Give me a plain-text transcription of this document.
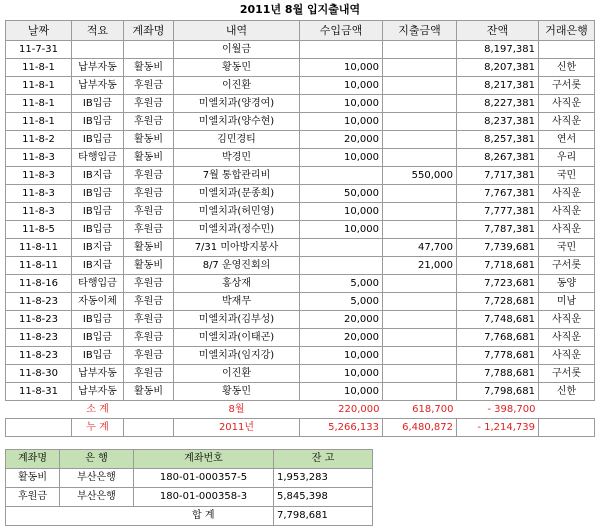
2011년 8월 입지출내역
날짜	적요	계좌명	내역	수입금액	지출금액	잔액	거래은행
11-7-31			이월금			8,197,381	
11-8-1	납부자동	활동비	황동민	10,000		8,207,381	신한
11-8-1	납부자동	후원금	이진환	10,000		8,217,381	구서롯
11-8-1	IB입금	후원금	미엘치과(양경여)	10,000		8,227,381	사직운
11-8-1	IB입금	후원금	미엘치과(양수현)	10,000		8,237,381	사직운
11-8-2	IB입금	활동비	김민경티	20,000		8,257,381	연서
11-8-3	타행입금	활동비	박경민	10,000		8,267,381	우리
11-8-3	IB지급	후원금	7월 통합관리비		550,000	7,717,381	국민
11-8-3	IB입금	후원금	미엘치과(문종희)	50,000		7,767,381	사직운
11-8-3	IB입금	후원금	미엘치과(허민영)	10,000		7,777,381	사직운
11-8-5	IB입금	후원금	미엘치과(정수민)	10,000		7,787,381	사직운
11-8-11	IB지급	활동비	7/31 미아방지봉사		47,700	7,739,681	국민
11-8-11	IB지급	활동비	8/7 운영진회의		21,000	7,718,681	구서롯
11-8-16	타행입금	후원금	홍상재	5,000		7,723,681	동양
11-8-23	자동이체	후원금	박재무	5,000		7,728,681	미남
11-8-23	IB입금	후원금	미엘치과(김부성)	20,000		7,748,681	사직운
11-8-23	IB입금	후원금	미엘치과(이태곤)	20,000		7,768,681	사직운
11-8-23	IB입금	후원금	미엘치과(임지강)	10,000		7,778,681	사직운
11-8-30	납부자동	후원금	이진환	10,000		7,788,681	구서롯
11-8-31	납부자동	활동비	황동민	10,000		7,798,681	신한
	소 계		8월	220,000	618,700	- 398,700	
	누 계		2011년	5,266,133	6,480,872	- 1,214,739	
계좌명	은 행	계좌번호	잔 고
활동비	부산은행	180-01-000357-5	1,953,283
후원금	부산은행	180-01-000358-3	5,845,398
		합 계	7,798,681
